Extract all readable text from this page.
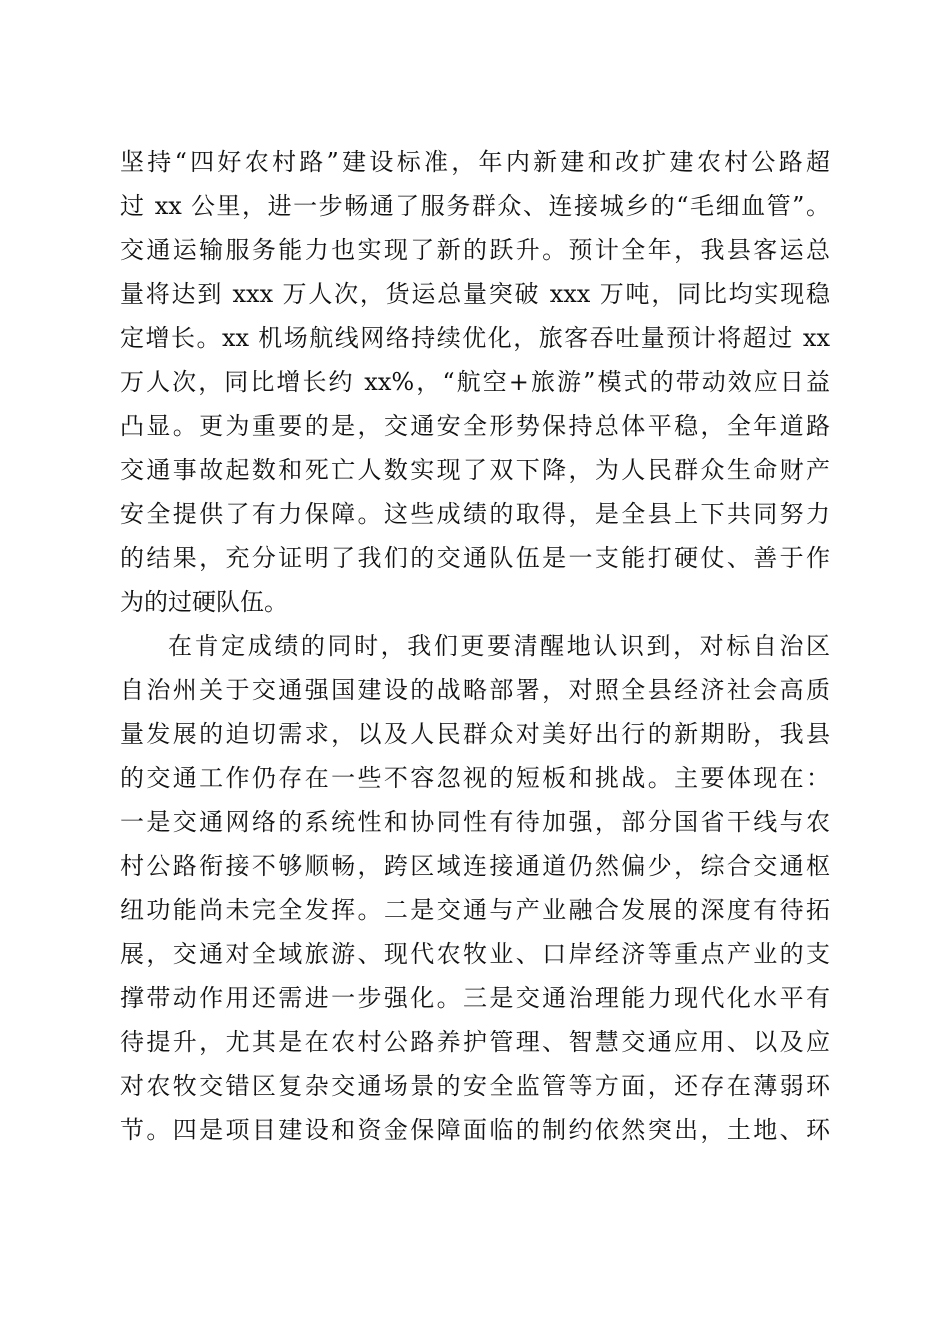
坚持“四好农村路”建设标准，年内新建和改扩建农村公路超
过 xx 公里，进一步畅通了服务群众、连接城乡的“毛细血管”。
交通运输服务能力也实现了新的跃升。预计全年，我县客运总
量将达到 xxx 万人次，货运总量突破 xxx 万吨，同比均实现稳
定增长。xx 机场航线网络持续优化，旅客吞吐量预计将超过 xx
万人次，同比增长约 xx%，“航空+旅游”模式的带动效应日益
凸显。更为重要的是，交通安全形势保持总体平稳，全年道路
交通事故起数和死亡人数实现了双下降，为人民群众生命财产
安全提供了有力保障。这些成绩的取得，是全县上下共同努力
的结果，充分证明了我们的交通队伍是一支能打硬仗、善于作
为的过硬队伍。
在肯定成绩的同时，我们更要清醒地认识到，对标自治区
自治州关于交通强国建设的战略部署，对照全县经济社会高质
量发展的迫切需求，以及人民群众对美好出行的新期盼，我县
的交通工作仍存在一些不容忽视的短板和挑战。主要体现在：
一是交通网络的系统性和协同性有待加强，部分国省干线与农
村公路衔接不够顺畅，跨区域连接通道仍然偏少，综合交通枢
纽功能尚未完全发挥。二是交通与产业融合发展的深度有待拓
展，交通对全域旅游、现代农牧业、口岸经济等重点产业的支
撑带动作用还需进一步强化。三是交通治理能力现代化水平有
待提升，尤其是在农村公路养护管理、智慧交通应用、以及应
对农牧交错区复杂交通场景的安全监管等方面，还存在薄弱环
节。四是项目建设和资金保障面临的制约依然突出，土地、环
